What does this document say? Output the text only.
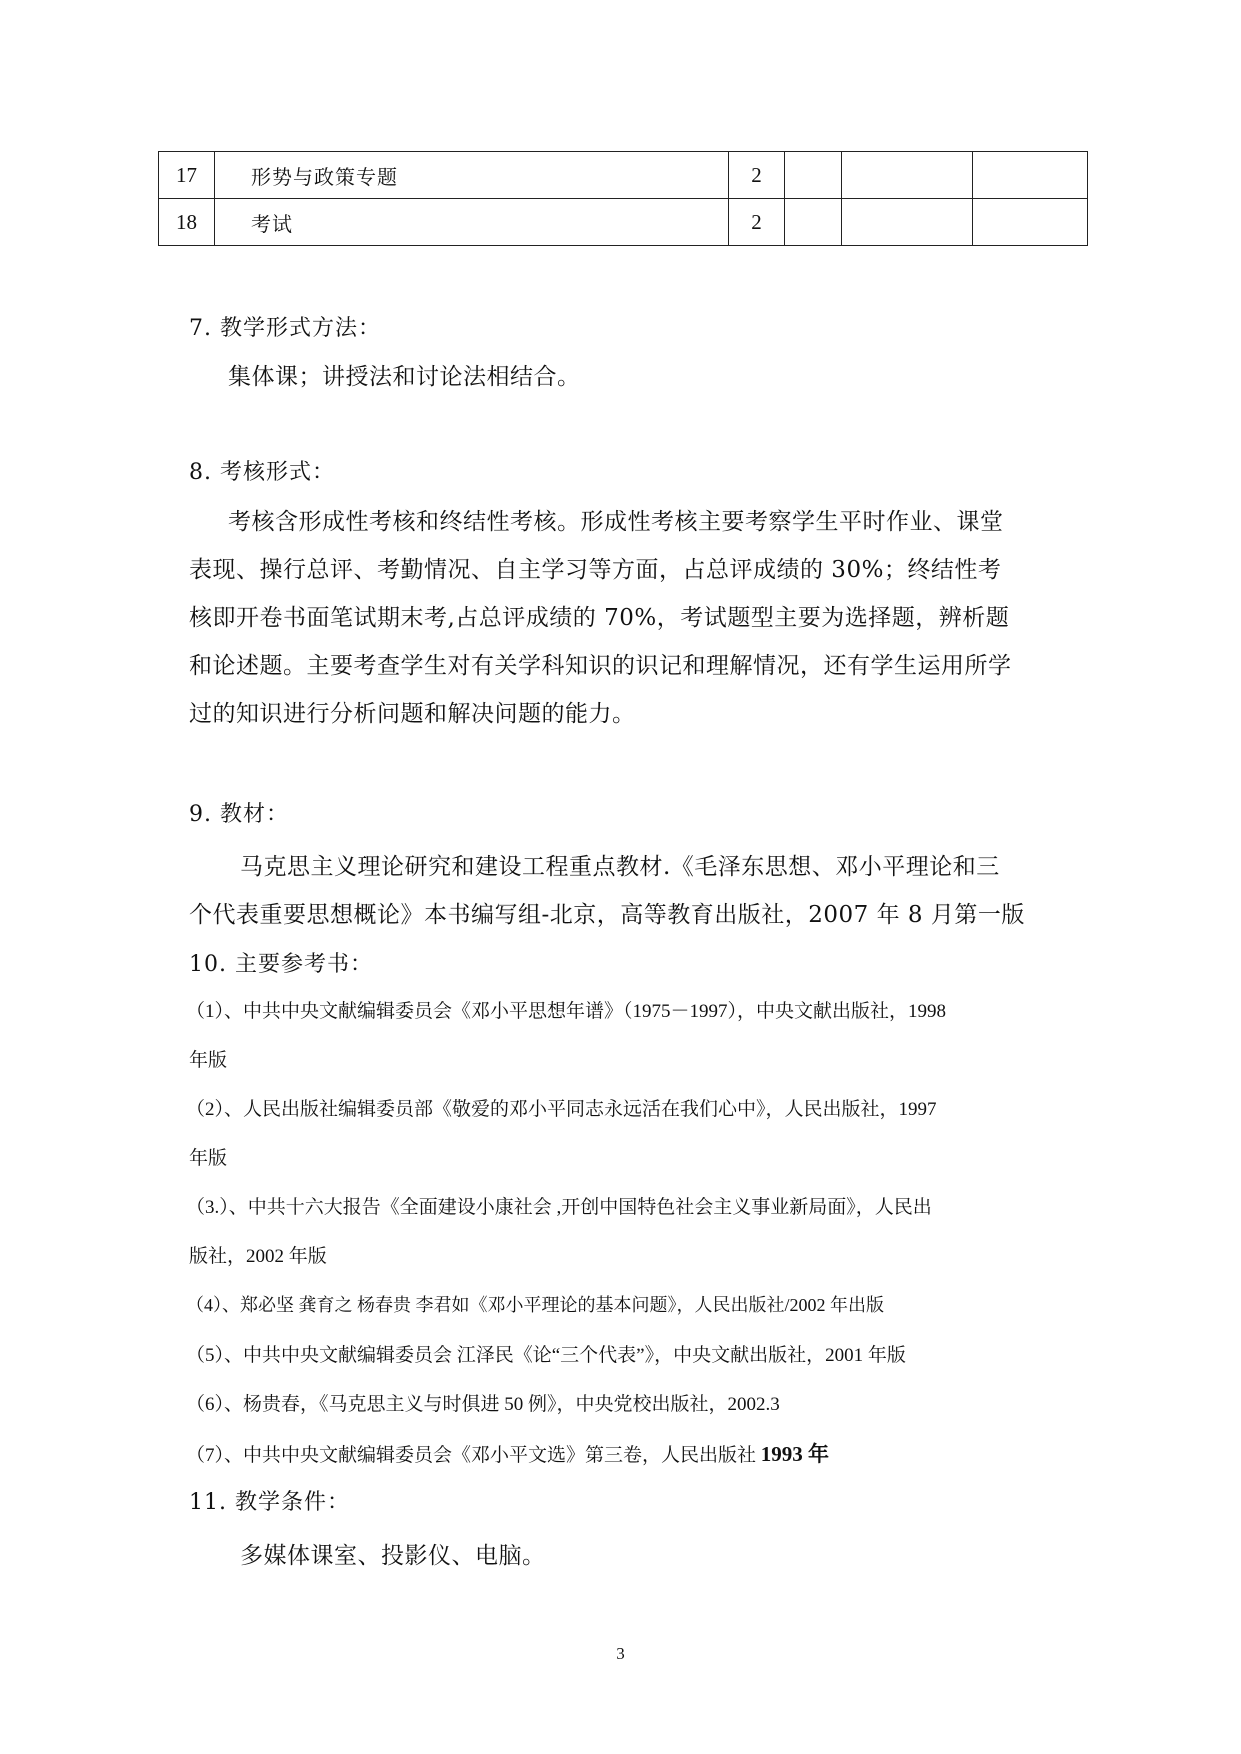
17	形势与政策专题	2			
18	考试	2			
7. 教学形式方法：
集体课；讲授法和讨论法相结合。
8. 考核形式：
考核含形成性考核和终结性考核。形成性考核主要考察学生平时作业、课堂
表现、操行总评、考勤情况、自主学习等方面，占总评成绩的 30%；终结性考
核即开卷书面笔试期末考,占总评成绩的 70%，考试题型主要为选择题，辨析题
和论述题。主要考查学生对有关学科知识的识记和理解情况，还有学生运用所学
过的知识进行分析问题和解决问题的能力。
9. 教材：
马克思主义理论研究和建设工程重点教材.《毛泽东思想、邓小平理论和三
个代表重要思想概论》本书编写组-北京，高等教育出版社，2007 年 8 月第一版
10. 主要参考书：
（1）、中共中央文献编辑委员会《邓小平思想年谱》（1975－1997），中央文献出版社，1998
年版
（2）、人民出版社编辑委员部《敬爱的邓小平同志永远活在我们心中》，人民出版社，1997
年版
（3.）、中共十六大报告《全面建设小康社会 ,开创中国特色社会主义事业新局面》，人民出
版社，2002 年版
（4）、郑必坚 龚育之 杨春贵 李君如《邓小平理论的基本问题》，人民出版社/2002 年出版
（5）、中共中央文献编辑委员会 江泽民《论“三个代表”》，中央文献出版社，2001 年版
（6）、杨贵春，《马克思主义与时俱进 50 例》，中央党校出版社，2002.3
（7）、中共中央文献编辑委员会《邓小平文选》第三卷，人民出版社 1993 年
11. 教学条件：
多媒体课室、投影仪、电脑。
3
